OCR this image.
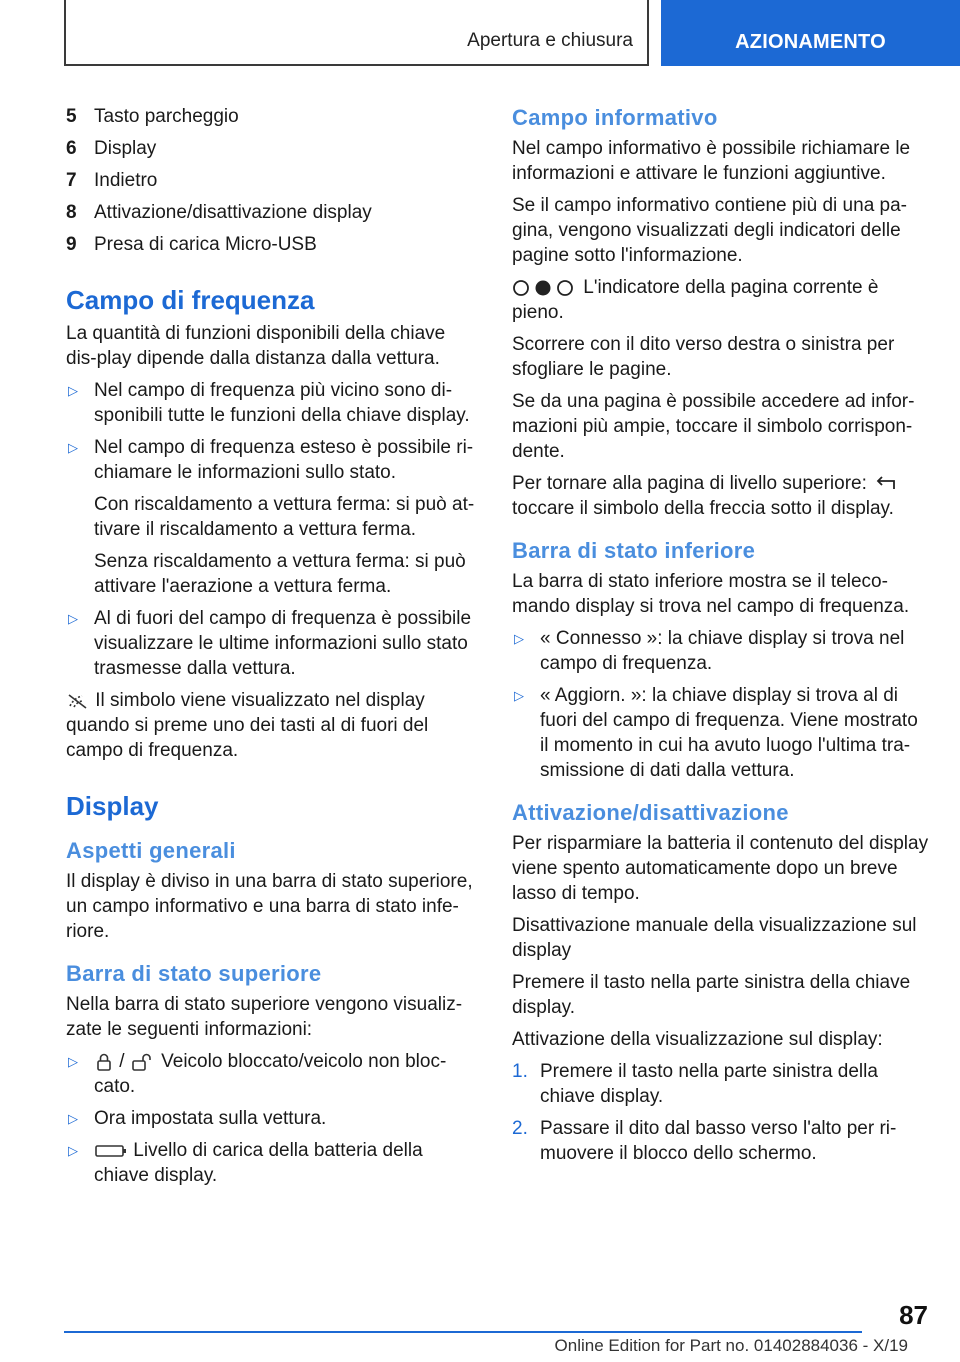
Apertura e chiusura	AZIONAMENTO
5 Tasto parcheggio
6 Display
7 Indietro
8 Attivazione/disattivazione display
9 Presa di carica Micro-USB
Campo di frequenza

La quantità di funzioni disponibili della chiave dis-play dipende dalla distanza dalla vettura.

▷ Nel campo di frequenza più vicino sono di-sponibili tutte le funzioni della chiave display.
▷ Nel campo di frequenza esteso è possibile ri-chiamare le informazioni sullo stato.

Con riscaldamento a vettura ferma: si può at-tivare il riscaldamento a vettura ferma.

Senza riscaldamento a vettura ferma: si può attivare l'aerazione a vettura ferma.

▷ Al di fuori del campo di frequenza è possibile visualizzare le ultime informazioni sullo stato trasmesse dalla vettura.

Il simbolo viene visualizzato nel display quando si preme uno dei tasti al di fuori del campo di frequenza.

Display
Aspetti generali

Il display è diviso in una barra di stato superiore, un campo informativo e una barra di stato infe-riore.

Barra di stato superiore

Nella barra di stato superiore vengono visualiz-zate le seguenti informazioni:

▷	/ Veicolo bloccato/veicolo non bloc-cato.
▷ Ora impostata sulla vettura.
▷	Livello di carica della batteria della chiave display.
Campo informativo

Nel campo informativo è possibile richiamare le informazioni e attivare le funzioni aggiuntive.

Se il campo informativo contiene più di una pa-gina, vengono visualizzati degli indicatori delle pagine sotto l'informazione.

L'indicatore della pagina corrente è pieno.

Scorrere con il dito verso destra o sinistra per sfogliare le pagine.

Se da una pagina è possibile accedere ad infor-mazioni più ampie, toccare il simbolo corrispon-dente.

Per tornare alla pagina di livello superiore:  toccare il simbolo della freccia sotto il display.

Barra di stato inferiore

La barra di stato inferiore mostra se il teleco-mando display si trova nel campo di frequenza.

▷ « Connesso »: la chiave display si trova nel campo di frequenza.
▷ « Aggiorn. »: la chiave display si trova al di fuori del campo di frequenza. Viene mostrato il momento in cui ha avuto luogo l'ultima tra-smissione di dati dalla vettura.
Attivazione/disattivazione

Per risparmiare la batteria il contenuto del display viene spento automaticamente dopo un breve lasso di tempo.

Disattivazione manuale della visualizzazione sul display

Premere il tasto nella parte sinistra della chiave display.

Attivazione della visualizzazione sul display:

1. Premere il tasto nella parte sinistra della chiave display.
2. Passare il dito dal basso verso l'alto per ri-muovere il blocco dello schermo.
87
Online Edition for Part no. 01402884036 - X/19
